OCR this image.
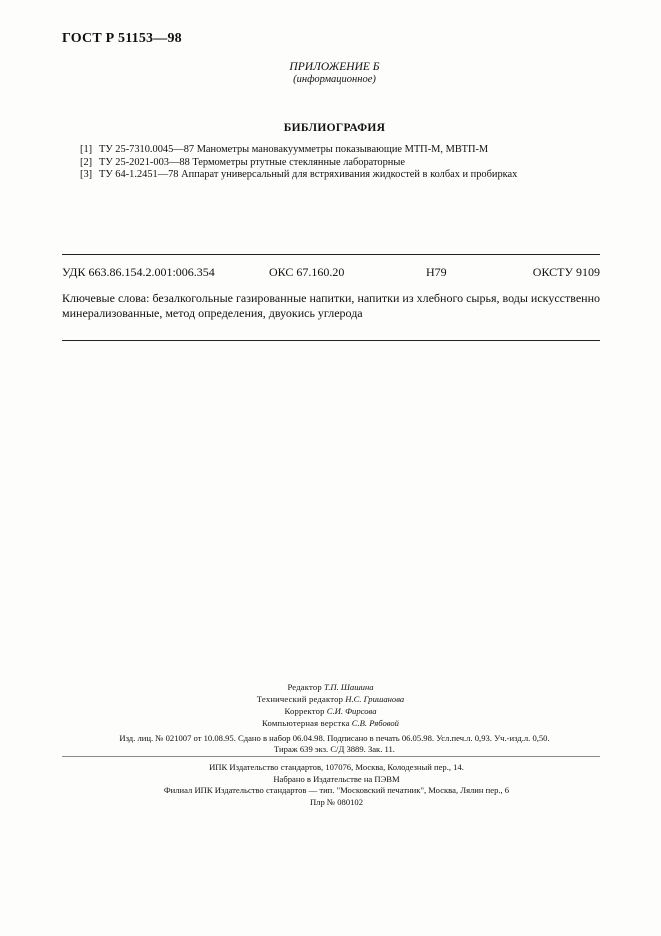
ГОСТ Р 51153—98
ПРИЛОЖЕНИЕ Б
(информационное)
БИБЛИОГРАФИЯ
[1] ТУ 25-7310.0045—87 Манометры мановакуумметры показывающие МТП-М, МВТП-М
[2] ТУ 25-2021-003—88 Термометры ртутные стеклянные лабораторные
[3] ТУ 64-1.2451—78 Аппарат универсальный для встряхивания жидкостей в колбах и пробирках
УДК 663.86.154.2.001:006.354	ОКС 67.160.20	Н79	ОКСТУ 9109
Ключевые слова: безалкогольные газированные напитки, напитки из хлебного сырья, воды искусственно минерализованные, метод определения, двуокись углерода
Редактор Т.П. Шашина
Технический редактор Н.С. Гришанова
Корректор С.И. Фирсова
Компьютерная верстка С.В. Рябовой
Изд. лиц. № 021007 от 10.08.95. Сдано в набор 06.04.98. Подписано в печать 06.05.98. Усл.печ.л. 0,93. Уч.-изд.л. 0,50.
Тираж 639 экз. С/Д 3889. Зак. 11.
ИПК Издательство стандартов, 107076, Москва, Колодезный пер., 14.
Набрано в Издательстве на ПЭВМ
Филиал ИПК Издательство стандартов — тип. "Московский печатник", Москва, Лялин пер., 6
Плр № 080102
